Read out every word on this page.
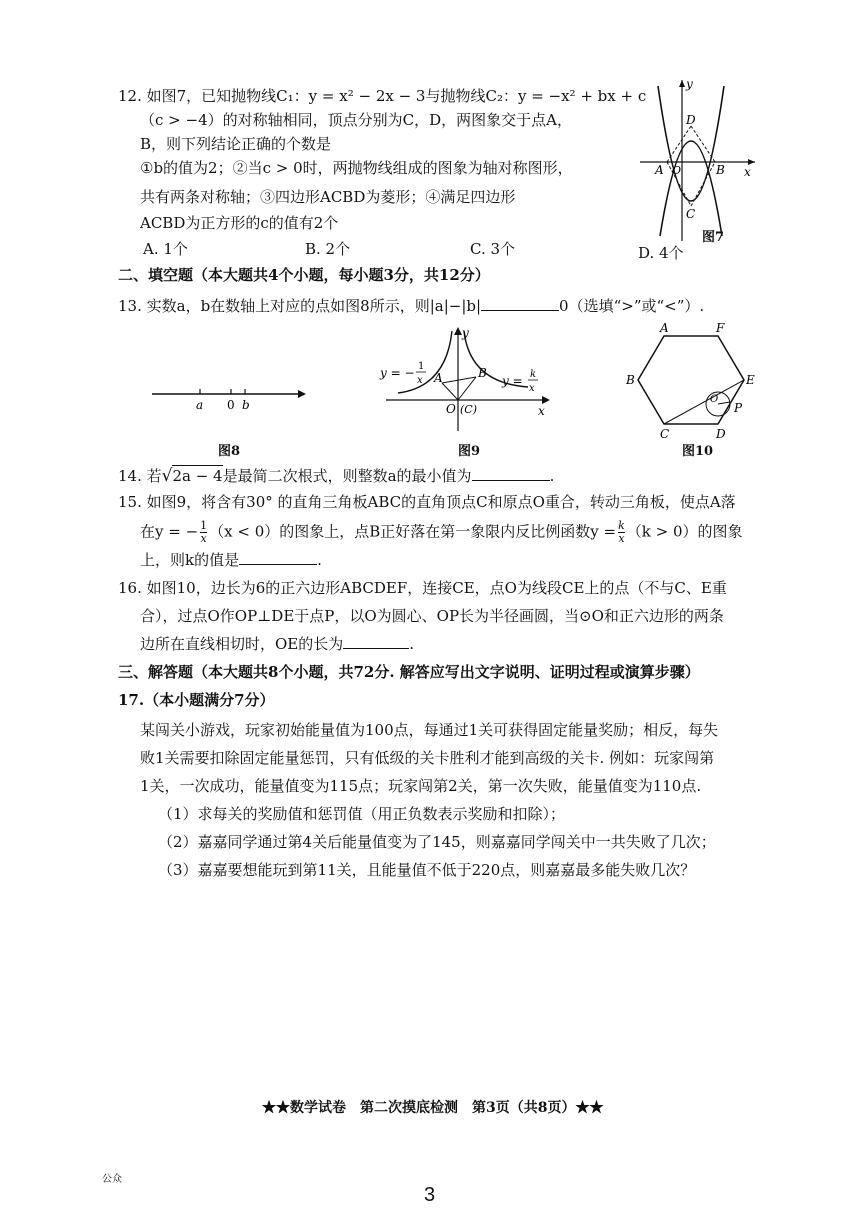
12. 如图7，已知抛物线C₁：y = x² − 2x − 3与抛物线C₂：y = −x² + bx + c
（c > −4）的对称轴相同，顶点分别为C，D，两图象交于点A，
B，则下列结论正确的个数是
①b的值为2；②当c > 0时，两抛物线组成的图象为轴对称图形，
共有两条对称轴；③四边形ACBD为菱形；④满足四边形
ACBD为正方形的c的值有2个
A. 1个	B. 2个	C. 3个	D. 4个
y
x
A	B
C
D
O
图7
二、填空题（本大题共4个小题，每小题3分，共12分）
13. 实数a，b在数轴上对应的点如图8所示，则|a|−|b|	0（选填“>”或“<”）.
a 0 b
图8
y = − 1
x	y = k
x
A	B
O (C)	x
y
图9
A	F
B	E
C	D
P
O
图10
14. 若√2a − 4是最简二次根式，则整数a的最小值为	.
15. 如图9，将含有30° 的直角三角板ABC的直角顶点C和原点O重合，转动三角板，使点A落
在y = − $\frac{1}{x} (x < 0)$的图象上，点B正好落在第一象限内反比例函数$y = \frac{k}{x} (k > 0)$的图象
上，则k的值是	.
16. 如图10，边长为6的正六边形ABCDEF，连接CE，点O为线段CE上的点（不与C、E重
合），过点O作OP⊥DE于点P，以O为圆心、OP长为半径画圆，当⊙O和正六边形的两条
边所在直线相切时，OE的长为	.
三、解答题（本大题共8个小题，共72分. 解答应写出文字说明、证明过程或演算步骤）
17.（本小题满分7分）
某闯关小游戏，玩家初始能量值为100点，每通过1关可获得固定能量奖励；相反，每失
败1关需要扣除固定能量惩罚，只有低级的关卡胜利才能到高级的关卡. 例如：玩家闯第
1关，一次成功，能量值变为115点；玩家闯第2关，第一次失败，能量值变为110点.
（1）求每关的奖励值和惩罚值（用正负数表示奖励和扣除）；
（2）嘉嘉同学通过第4关后能量值变为了145，则嘉嘉同学闯关中一共失败了几次；
（3）嘉嘉要想能玩到第11关，且能量值不低于220点，则嘉嘉最多能失败几次？
★★数学试卷　第二次摸底检测　第3页（共8页）★★
公众
3
